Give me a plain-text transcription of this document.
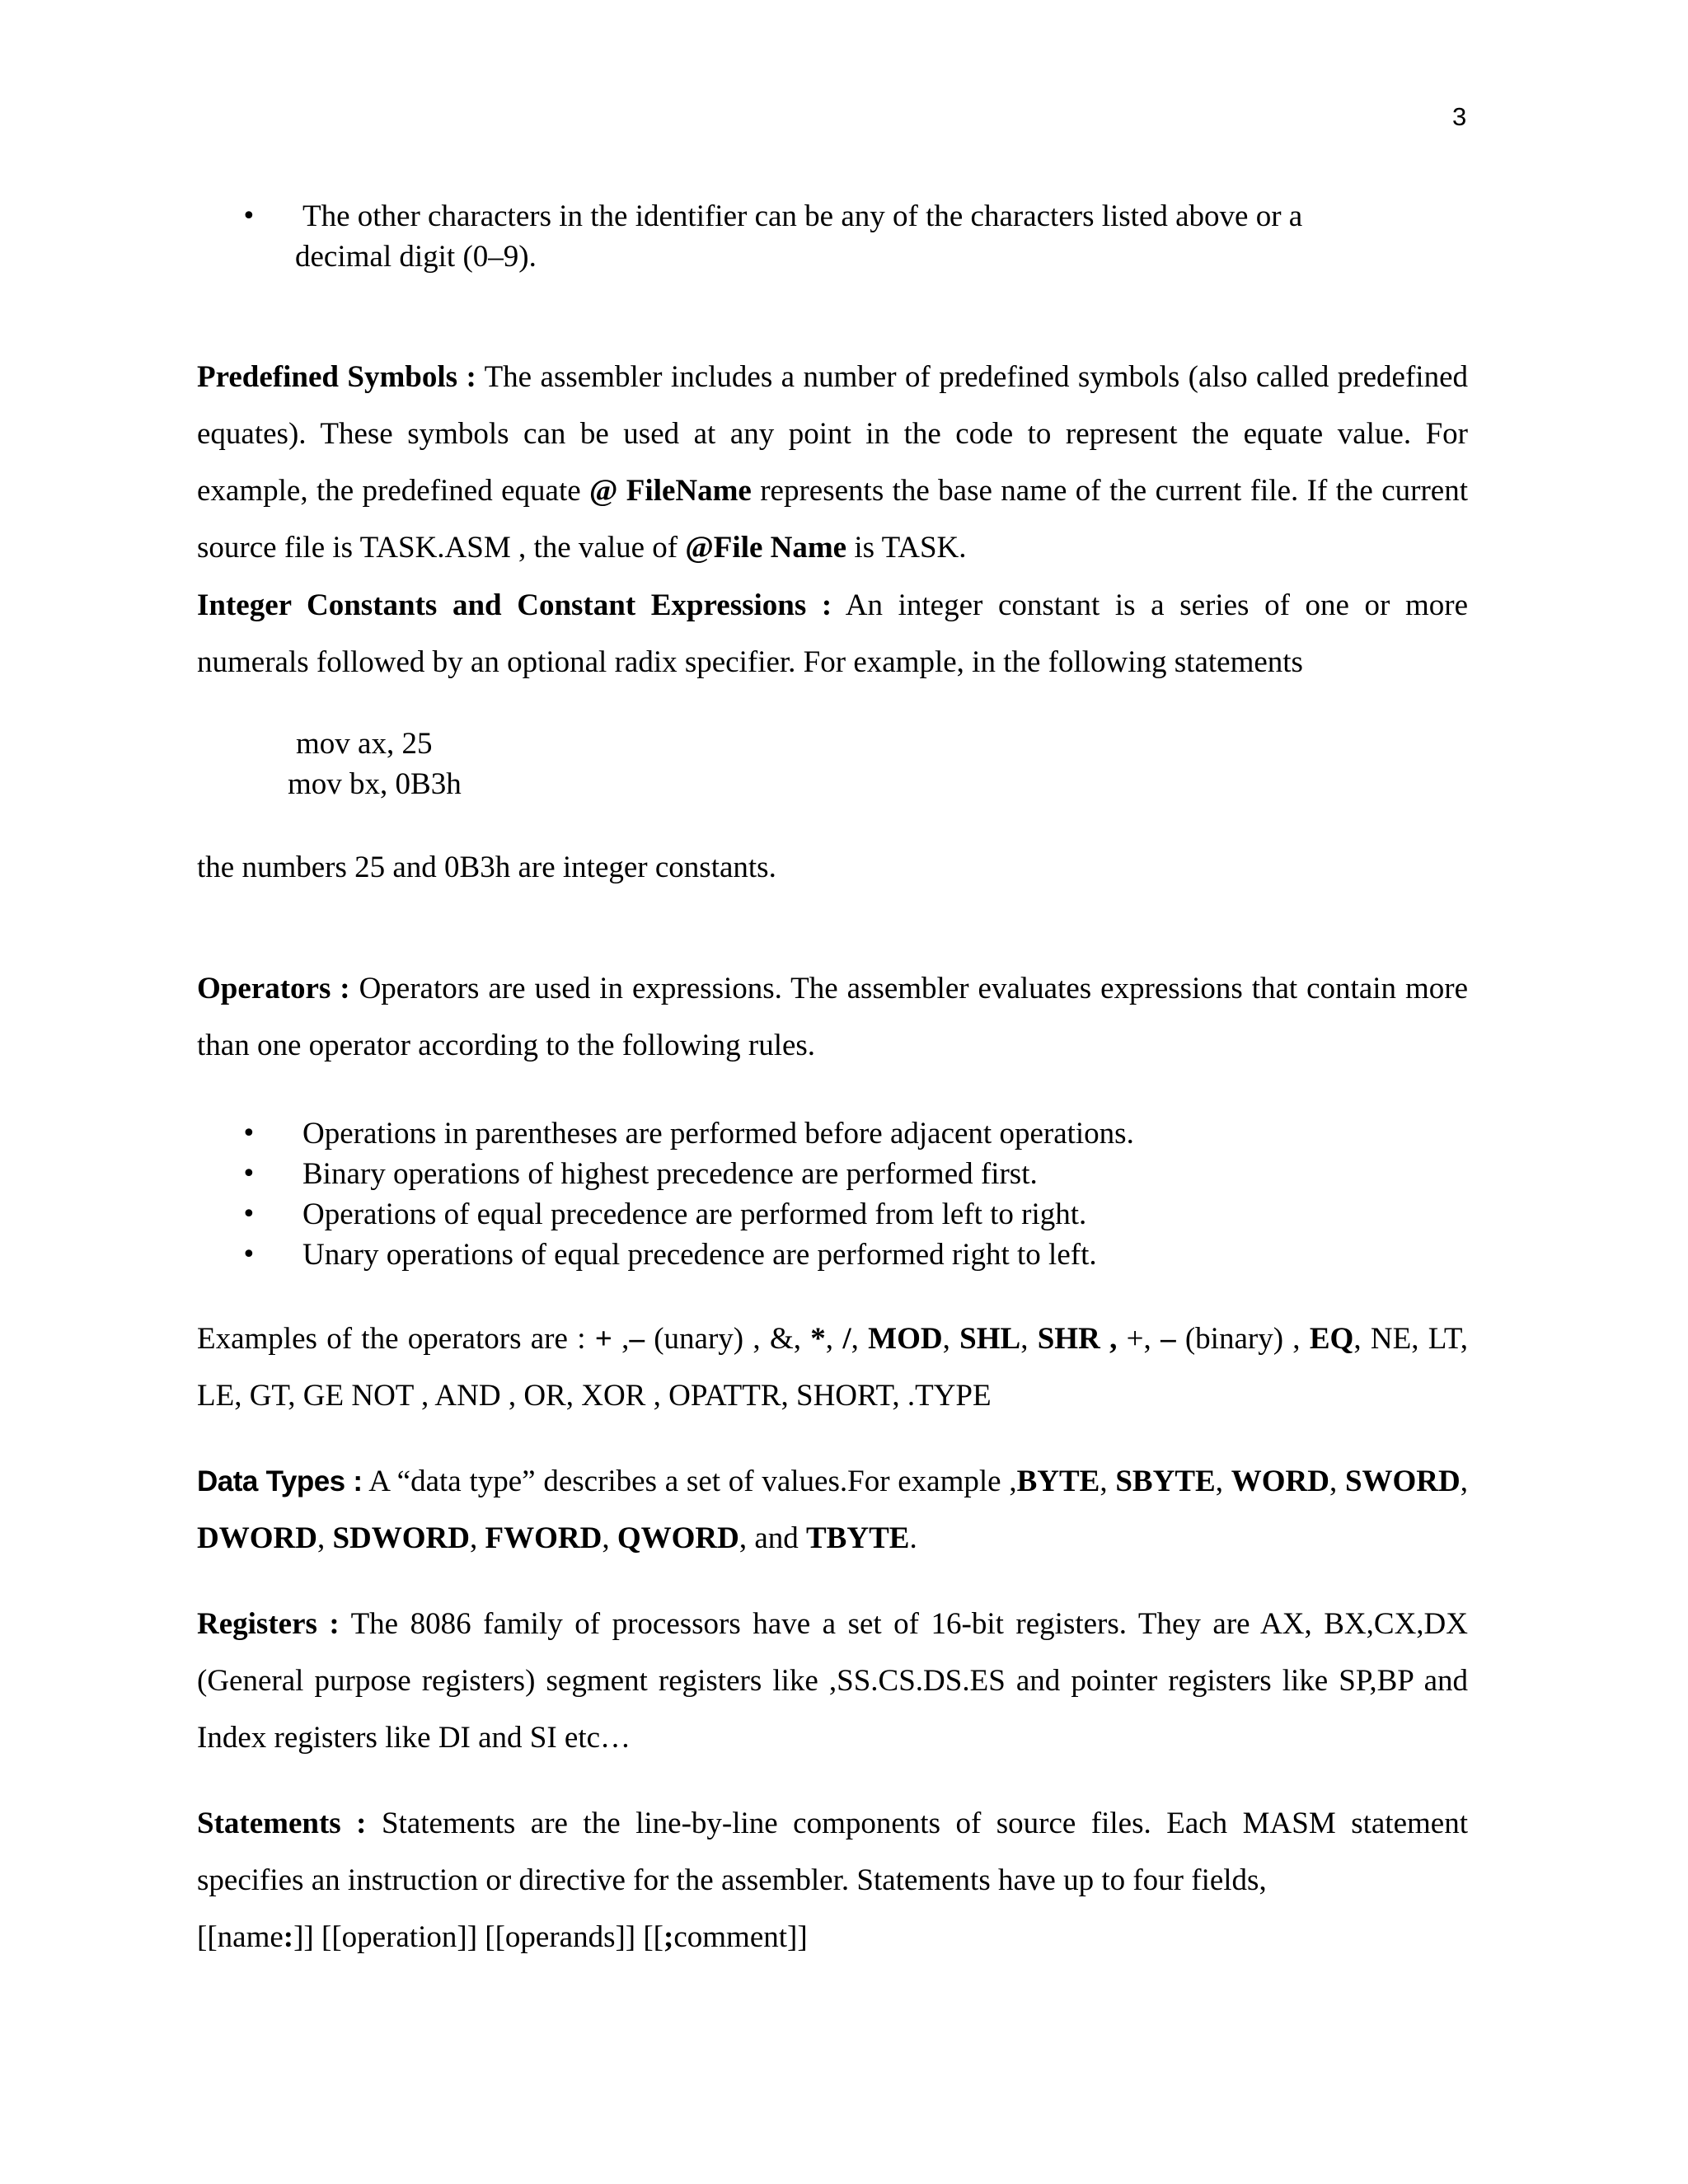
3
• The other characters in the identifier can be any of the characters listed above or a
decimal digit (0–9).

Predefined Symbols : The assembler includes a number of predefined symbols (also called predefined equates). These symbols can be used at any point in the code to represent the equate value. For example, the predefined equate @ FileName represents the base name of the current file. If the current source file is TASK.ASM , the value of @File Name is TASK.

Integer Constants and Constant Expressions : An integer constant is a series of one or more numerals followed by an optional radix specifier. For example, in the following statements

mov ax, 25
mov bx, 0B3h
the numbers 25 and 0B3h are integer constants.

Operators : Operators are used in expressions. The assembler evaluates expressions that contain more than one operator according to the following rules.

• Operations in parentheses are performed before adjacent operations.
• Binary operations of highest precedence are performed first.
• Operations of equal precedence are performed from left to right.
• Unary operations of equal precedence are performed right to left.

Examples of the operators are : + ,– (unary) , &, *, /, MOD, SHL, SHR , +, – (binary) , EQ, NE, LT, LE, GT, GE NOT , AND , OR, XOR , OPATTR, SHORT, .TYPE

Data Types : A “data type” describes a set of values.For example ,BYTE, SBYTE, WORD, SWORD, DWORD, SDWORD, FWORD, QWORD, and TBYTE.

Registers : The 8086 family of processors have a set of 16-bit registers. They are AX, BX,CX,DX (General purpose registers) segment registers like ,SS.CS.DS.ES and pointer registers like SP,BP and Index registers like DI and SI etc…

Statements : Statements are the line-by-line components of source files. Each MASM statement specifies an instruction or directive for the assembler. Statements have up to four fields,
[[name:]] [[operation]] [[operands]] [[;comment]]
